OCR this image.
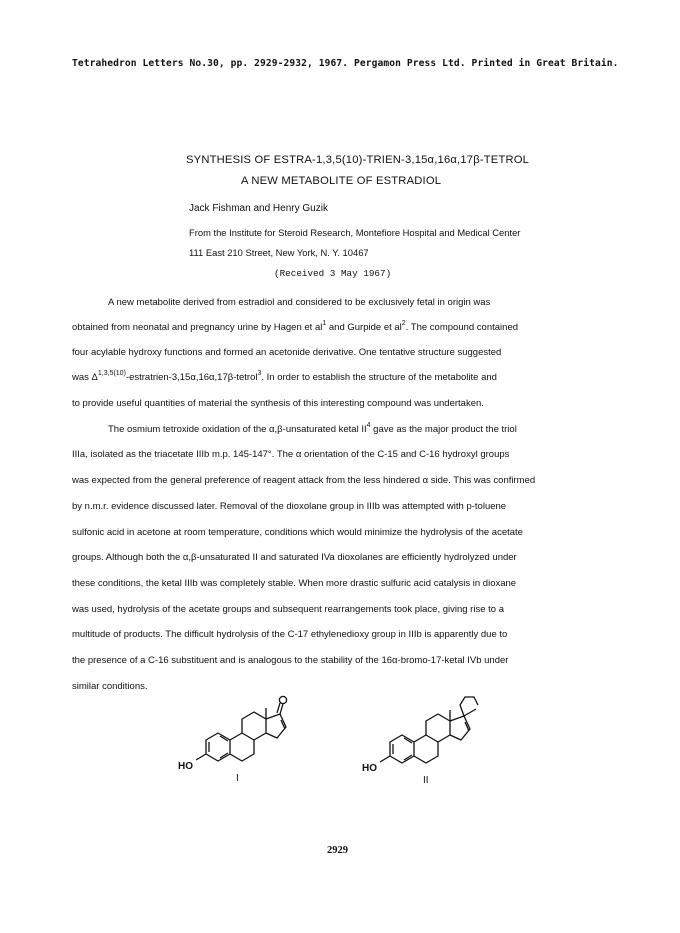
Tetrahedron Letters No.30, pp. 2929-2932, 1967. Pergamon Press Ltd. Printed in Great Britain.
SYNTHESIS OF ESTRA-1,3,5(10)-TRIEN-3,15α,16α,17β-TETROL
A NEW METABOLITE OF ESTRADIOL
Jack Fishman and Henry Guzik
From the Institute for Steroid Research, Montefiore Hospital and Medical Center
111 East 210 Street, New York, N. Y. 10467
(Received 3 May 1967)
A new metabolite derived from estradiol and considered to be exclusively fetal in origin was
obtained from neonatal and pregnancy urine by Hagen et $al^1$ and Gurpide et $al^2$. The compound contained
four acylable hydroxy functions and formed an acetonide derivative. One tentative structure suggested
was $\Delta^{1,3,5(10)}-estratrien-3,15\alpha,16\alpha,17\beta-tetrol^3$. In order to establish the structure of the metabolite and
to provide useful quantities of material the synthesis of this interesting compound was undertaken.
The osmium tetroxide oxidation of the α,β-unsaturated ketal $II^4$ gave as the major product the triol
IIIa, isolated as the triacetate IIIb m.p. 145-147°. The α orientation of the C-15 and C-16 hydroxyl groups
was expected from the general preference of reagent attack from the less hindered α side. This was confirmed
by n.m.r. evidence discussed later. Removal of the dioxolane group in IIIb was attempted with p-toluene
sulfonic acid in acetone at room temperature, conditions which would minimize the hydrolysis of the acetate
groups. Although both the α,β-unsaturated II and saturated IVa dioxolanes are efficiently hydrolyzed under
these conditions, the ketal IIIb was completely stable. When more drastic sulfuric acid catalysis in dioxane
was used, hydrolysis of the acetate groups and subsequent rearrangements took place, giving rise to a
multitude of products. The difficult hydrolysis of the C-17 ethylenedioxy group in IIIb is apparently due to
the presence of a C-16 substituent and is analogous to the stability of the 16α-bromo-17-ketal IVb under
similar conditions.
HO
I
HO
II
2929
